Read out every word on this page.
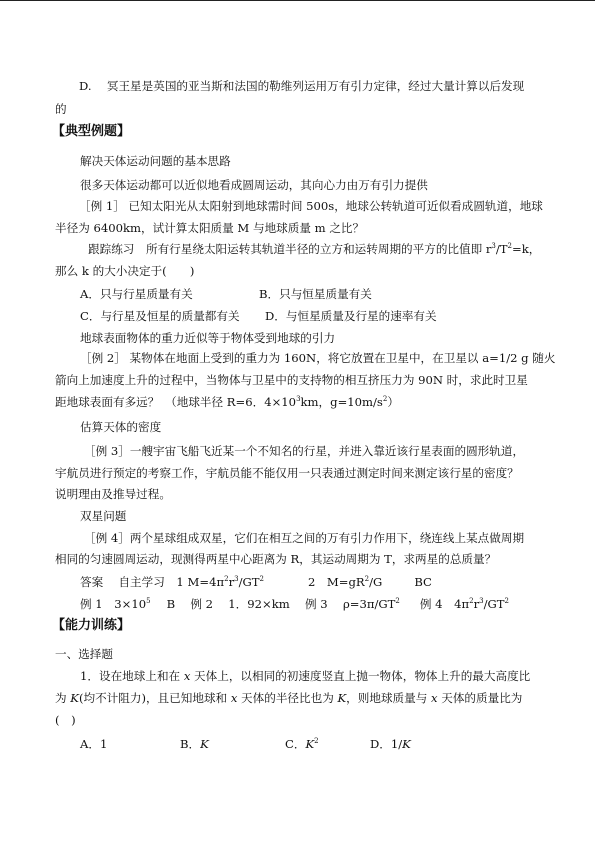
D.　 冥王星是英国的亚当斯和法国的勒维列运用万有引力定律，经过大量计算以后发现
的
【典型例题】
解决天体运动问题的基本思路
很多天体运动都可以近似地看成圆周运动，其向心力由万有引力提供
［例 1］ 已知太阳光从太阳射到地球需时间 500s，地球公转轨道可近似看成圆轨道，地球
半径为 6400km，试计算太阳质量 M 与地球质量 m 之比？
跟踪练习　所有行星绕太阳运转其轨道半径的立方和运转周期的平方的比值即 $r^3/T^2=k$，
那么 k 的大小决定于(　　)
A．只与行星质量有关	B．只与恒星质量有关
C．与行星及恒星的质量都有关 D．与恒星质量及行星的速率有关
地球表面物体的重力近似等于物体受到地球的引力
［例 2］ 某物体在地面上受到的重力为 160N，将它放置在卫星中，在卫星以 a=1/2 g 随火
箭向上加速度上升的过程中，当物体与卫星中的支持物的相互挤压力为 90N 时，求此时卫星
距地球表面有多远？　（地球半径 R=6．$4\times 10^3km$，$g=10m/s^2$）
估算天体的密度
［例 3］一艘宇宙飞船飞近某一个不知名的行星，并进入靠近该行星表面的圆形轨道，
宇航员进行预定的考察工作，宇航员能不能仅用一只表通过测定时间来测定该行星的密度？
说明理由及推导过程。
双星问题
［例 4］两个星球组成双星，它们在相互之间的万有引力作用下，绕连线上某点做周期
相同的匀速圆周运动，现测得两星中心距离为 R，其运动周期为 T，求两星的总质量？
答案　 自主学习　1 $M=4\pi^2r^3/GT^2$	2　$M=gR^2/G$	BC
例 1　$3\times 10^5$ B　 例 2　 1．92×km　 例 3　 $\rho=3\pi/GT^2$ 例 4　$4\pi^2r^3/GT^2$
【能力训练】
一、选择题
1．设在地球上和在 x 天体上，以相同的初速度竖直上抛一物体，物体上升的最大高度比
为 K(均不计阻力)，且已知地球和 x 天体的半径比也为 K，则地球质量与 x 天体的质量比为
(　)
A．1	B．K	C．$K^2$	D．1/K
